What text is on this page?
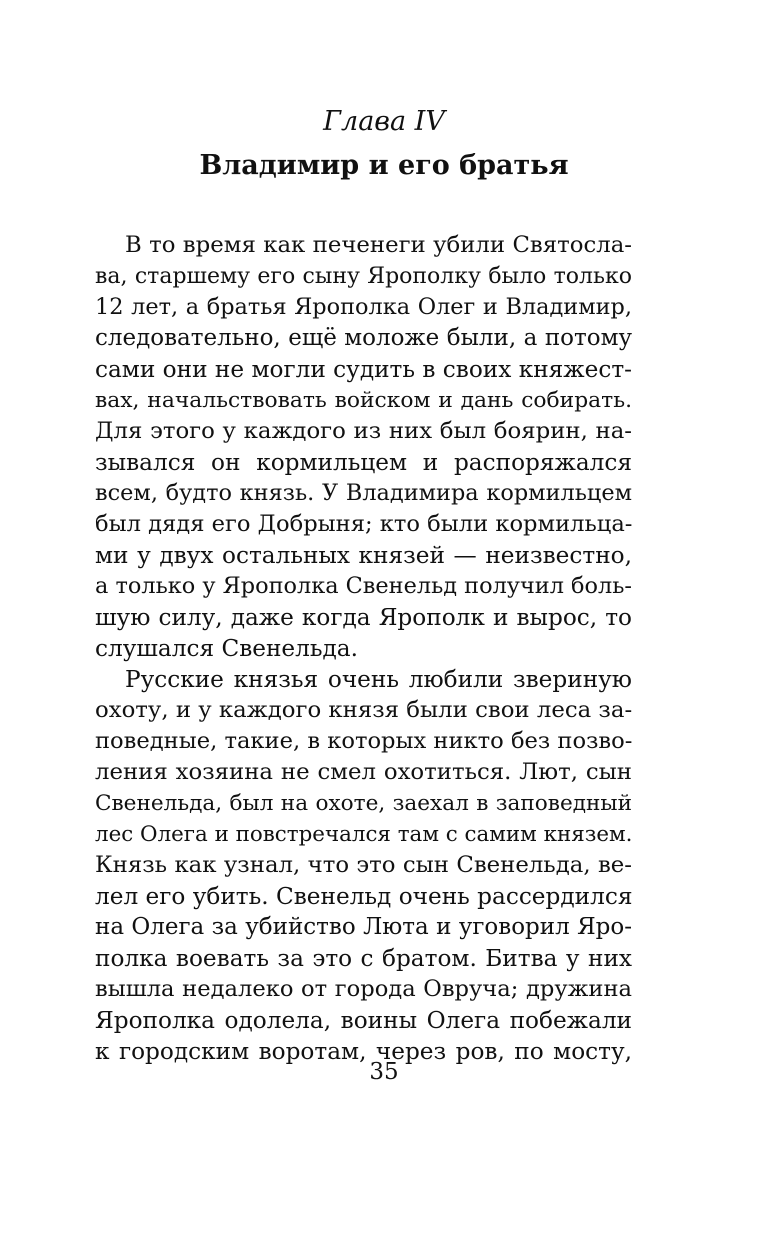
Глава IV
Владимир и его братья
В то время как печенеги убили Святосла-
ва, старшему его сыну Ярополку было только
12 лет, а братья Ярополка Олег и Владимир,
следовательно, ещё моложе были, а потому
сами они не могли судить в своих княжест-
вах, начальствовать войском и дань собирать.
Для этого у каждого из них был боярин, на-
зывался он кормильцем и распоряжался
всем, будто князь. У Владимира кормильцем
был дядя его Добрыня; кто были кормильца-
ми у двух остальных князей — неизвестно,
а только у Ярополка Свенельд получил боль-
шую силу, даже когда Ярополк и вырос, то
слушался Свенельда.
Русские князья очень любили звериную
охоту, и у каждого князя были свои леса за-
поведные, такие, в которых никто без позво-
ления хозяина не смел охотиться. Лют, сын
Свенельда, был на охоте, заехал в заповедный
лес Олега и повстречался там с самим князем.
Князь как узнал, что это сын Свенельда, ве-
лел его убить. Свенельд очень рассердился
на Олега за убийство Люта и уговорил Яро-
полка воевать за это с братом. Битва у них
вышла недалеко от города Овруча; дружина
Ярополка одолела, воины Олега побежали
к городским воротам, через ров, по мосту,
35
